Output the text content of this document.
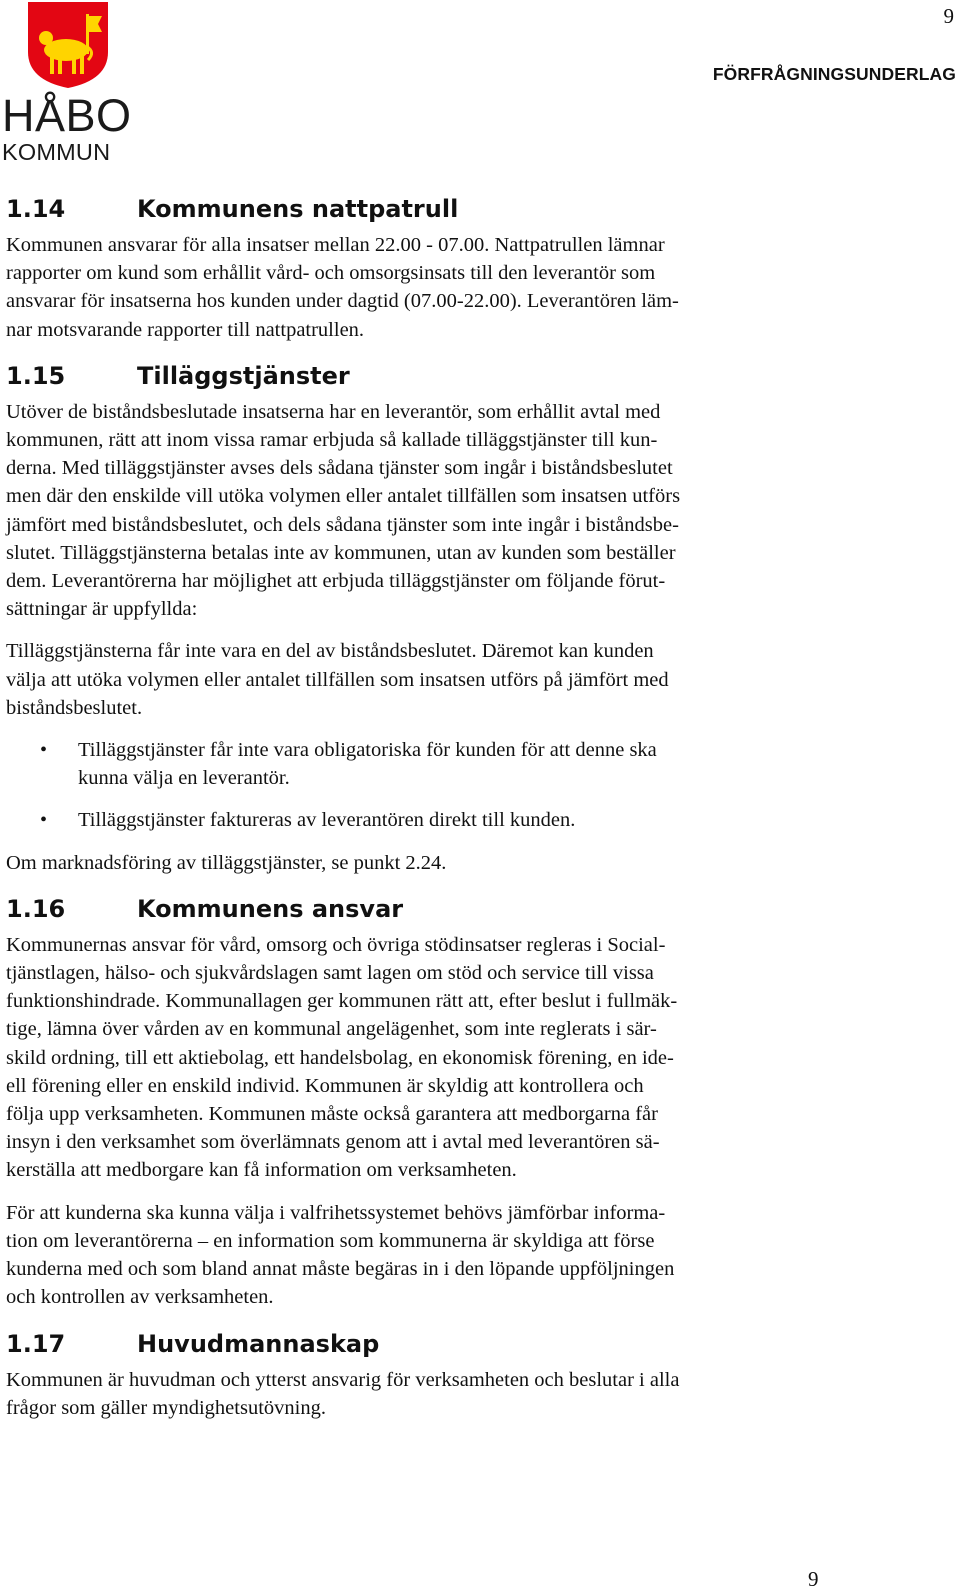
9
FÖRFRÅGNINGSUNDERLAG
HÅBO
KOMMUN
1.14	Kommunens nattpatrull

Kommunen ansvarar för alla insatser mellan 22.00 - 07.00. Nattpatrullen lämnar
rapporter om kund som erhållit vård- och omsorgsinsats till den leverantör som
ansvarar för insatserna hos kunden under dagtid (07.00-22.00). Leverantören läm-
nar motsvarande rapporter till nattpatrullen.

1.15	Tilläggstjänster

Utöver de biståndsbeslutade insatserna har en leverantör, som erhållit avtal med
kommunen, rätt att inom vissa ramar erbjuda så kallade tilläggstjänster till kun-
derna. Med tilläggstjänster avses dels sådana tjänster som ingår i biståndsbeslutet
men där den enskilde vill utöka volymen eller antalet tillfällen som insatsen utförs
jämfört med biståndsbeslutet, och dels sådana tjänster som inte ingår i biståndsbe-
slutet. Tilläggstjänsterna betalas inte av kommunen, utan av kunden som beställer
dem. Leverantörerna har möjlighet att erbjuda tilläggstjänster om följande förut-
sättningar är uppfyllda:

Tilläggstjänsterna får inte vara en del av biståndsbeslutet. Däremot kan kunden
välja att utöka volymen eller antalet tillfällen som insatsen utförs på jämfört med
biståndsbeslutet.

• Tilläggstjänster får inte vara obligatoriska för kunden för att denne ska
kunna välja en leverantör.
• Tilläggstjänster faktureras av leverantören direkt till kunden.

Om marknadsföring av tilläggstjänster, se punkt 2.24.

1.16	Kommunens ansvar

Kommunernas ansvar för vård, omsorg och övriga stödinsatser regleras i Social-
tjänstlagen, hälso- och sjukvårdslagen samt lagen om stöd och service till vissa
funktionshindrade. Kommunallagen ger kommunen rätt att, efter beslut i fullmäk-
tige, lämna över vården av en kommunal angelägenhet, som inte reglerats i sär-
skild ordning, till ett aktiebolag, ett handelsbolag, en ekonomisk förening, en ide-
ell förening eller en enskild individ. Kommunen är skyldig att kontrollera och
följa upp verksamheten. Kommunen måste också garantera att medborgarna får
insyn i den verksamhet som överlämnats genom att i avtal med leverantören sä-
kerställa att medborgare kan få information om verksamheten.

För att kunderna ska kunna välja i valfrihetssystemet behövs jämförbar informa-
tion om leverantörerna – en information som kommunerna är skyldiga att förse
kunderna med och som bland annat måste begäras in i den löpande uppföljningen
och kontrollen av verksamheten.

1.17	Huvudmannaskap

Kommunen är huvudman och ytterst ansvarig för verksamheten och beslutar i alla
frågor som gäller myndighetsutövning.

9
